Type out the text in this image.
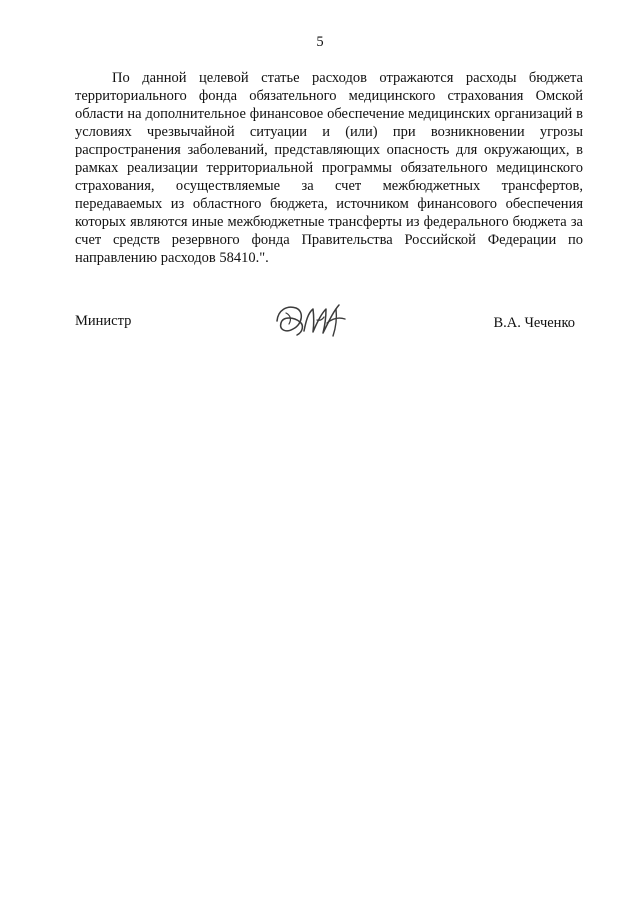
5

По данной целевой статье расходов отражаются расходы бюджета территориального фонда обязательного медицинского страхования Омской области на дополнительное финансовое обеспечение медицинских организаций в условиях чрезвычайной ситуации и (или) при возникновении угрозы распространения заболеваний, представляющих опасность для окружающих, в рамках реализации территориальной программы обязательного медицинского страхования, осуществляемые за счет межбюджетных трансфертов, передаваемых из областного бюджета, источником финансового обеспечения которых являются иные межбюджетные трансферты из федерального бюджета за счет средств резервного фонда Правительства Российской Федерации по направлению расходов 58410.".

Министр	В.А. Чеченко
